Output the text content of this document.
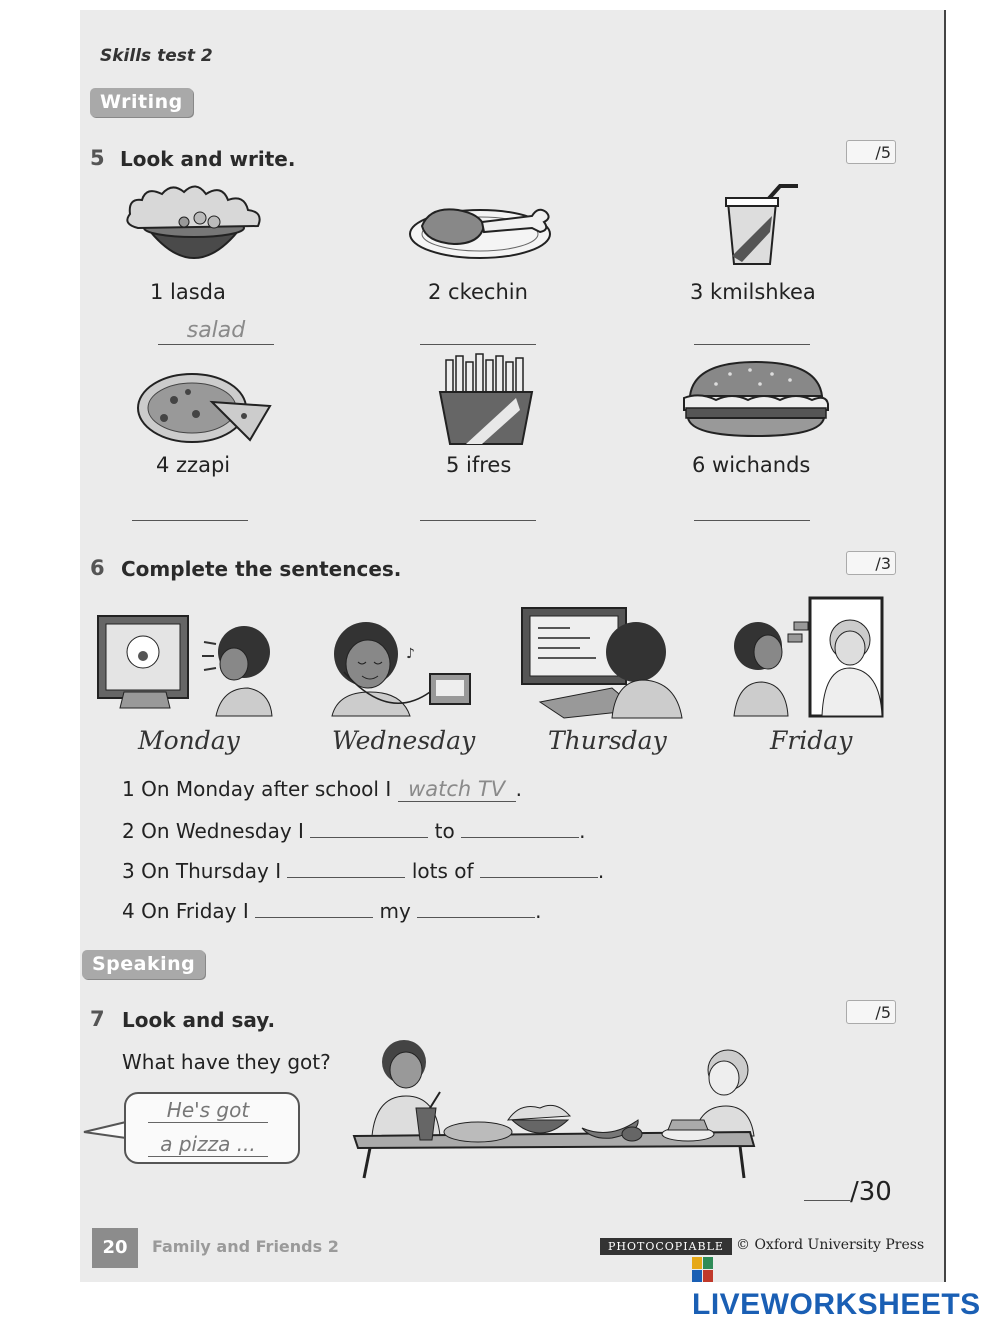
Skills test 2
Writing
5 Look and write.	/5
1 lasda	2 ckechin	3 kmilshkea
salad
4 zzapi	5 ifres	6 wichands
6 Complete the sentences.	/3
♪
Monday	Wednesday	Thursday	Friday
1 On Monday after school I watch TV .
2 On Wednesday I	to	.
3 On Thursday I	lots of	.
4 On Friday I	my	.
Speaking
7 Look and say.	/5
What have they got?
He's got
a pizza ...
/30
20	Family and Friends 2	PHOTOCOPIABLE © Oxford University Press
LIVEWORKSHEETS
